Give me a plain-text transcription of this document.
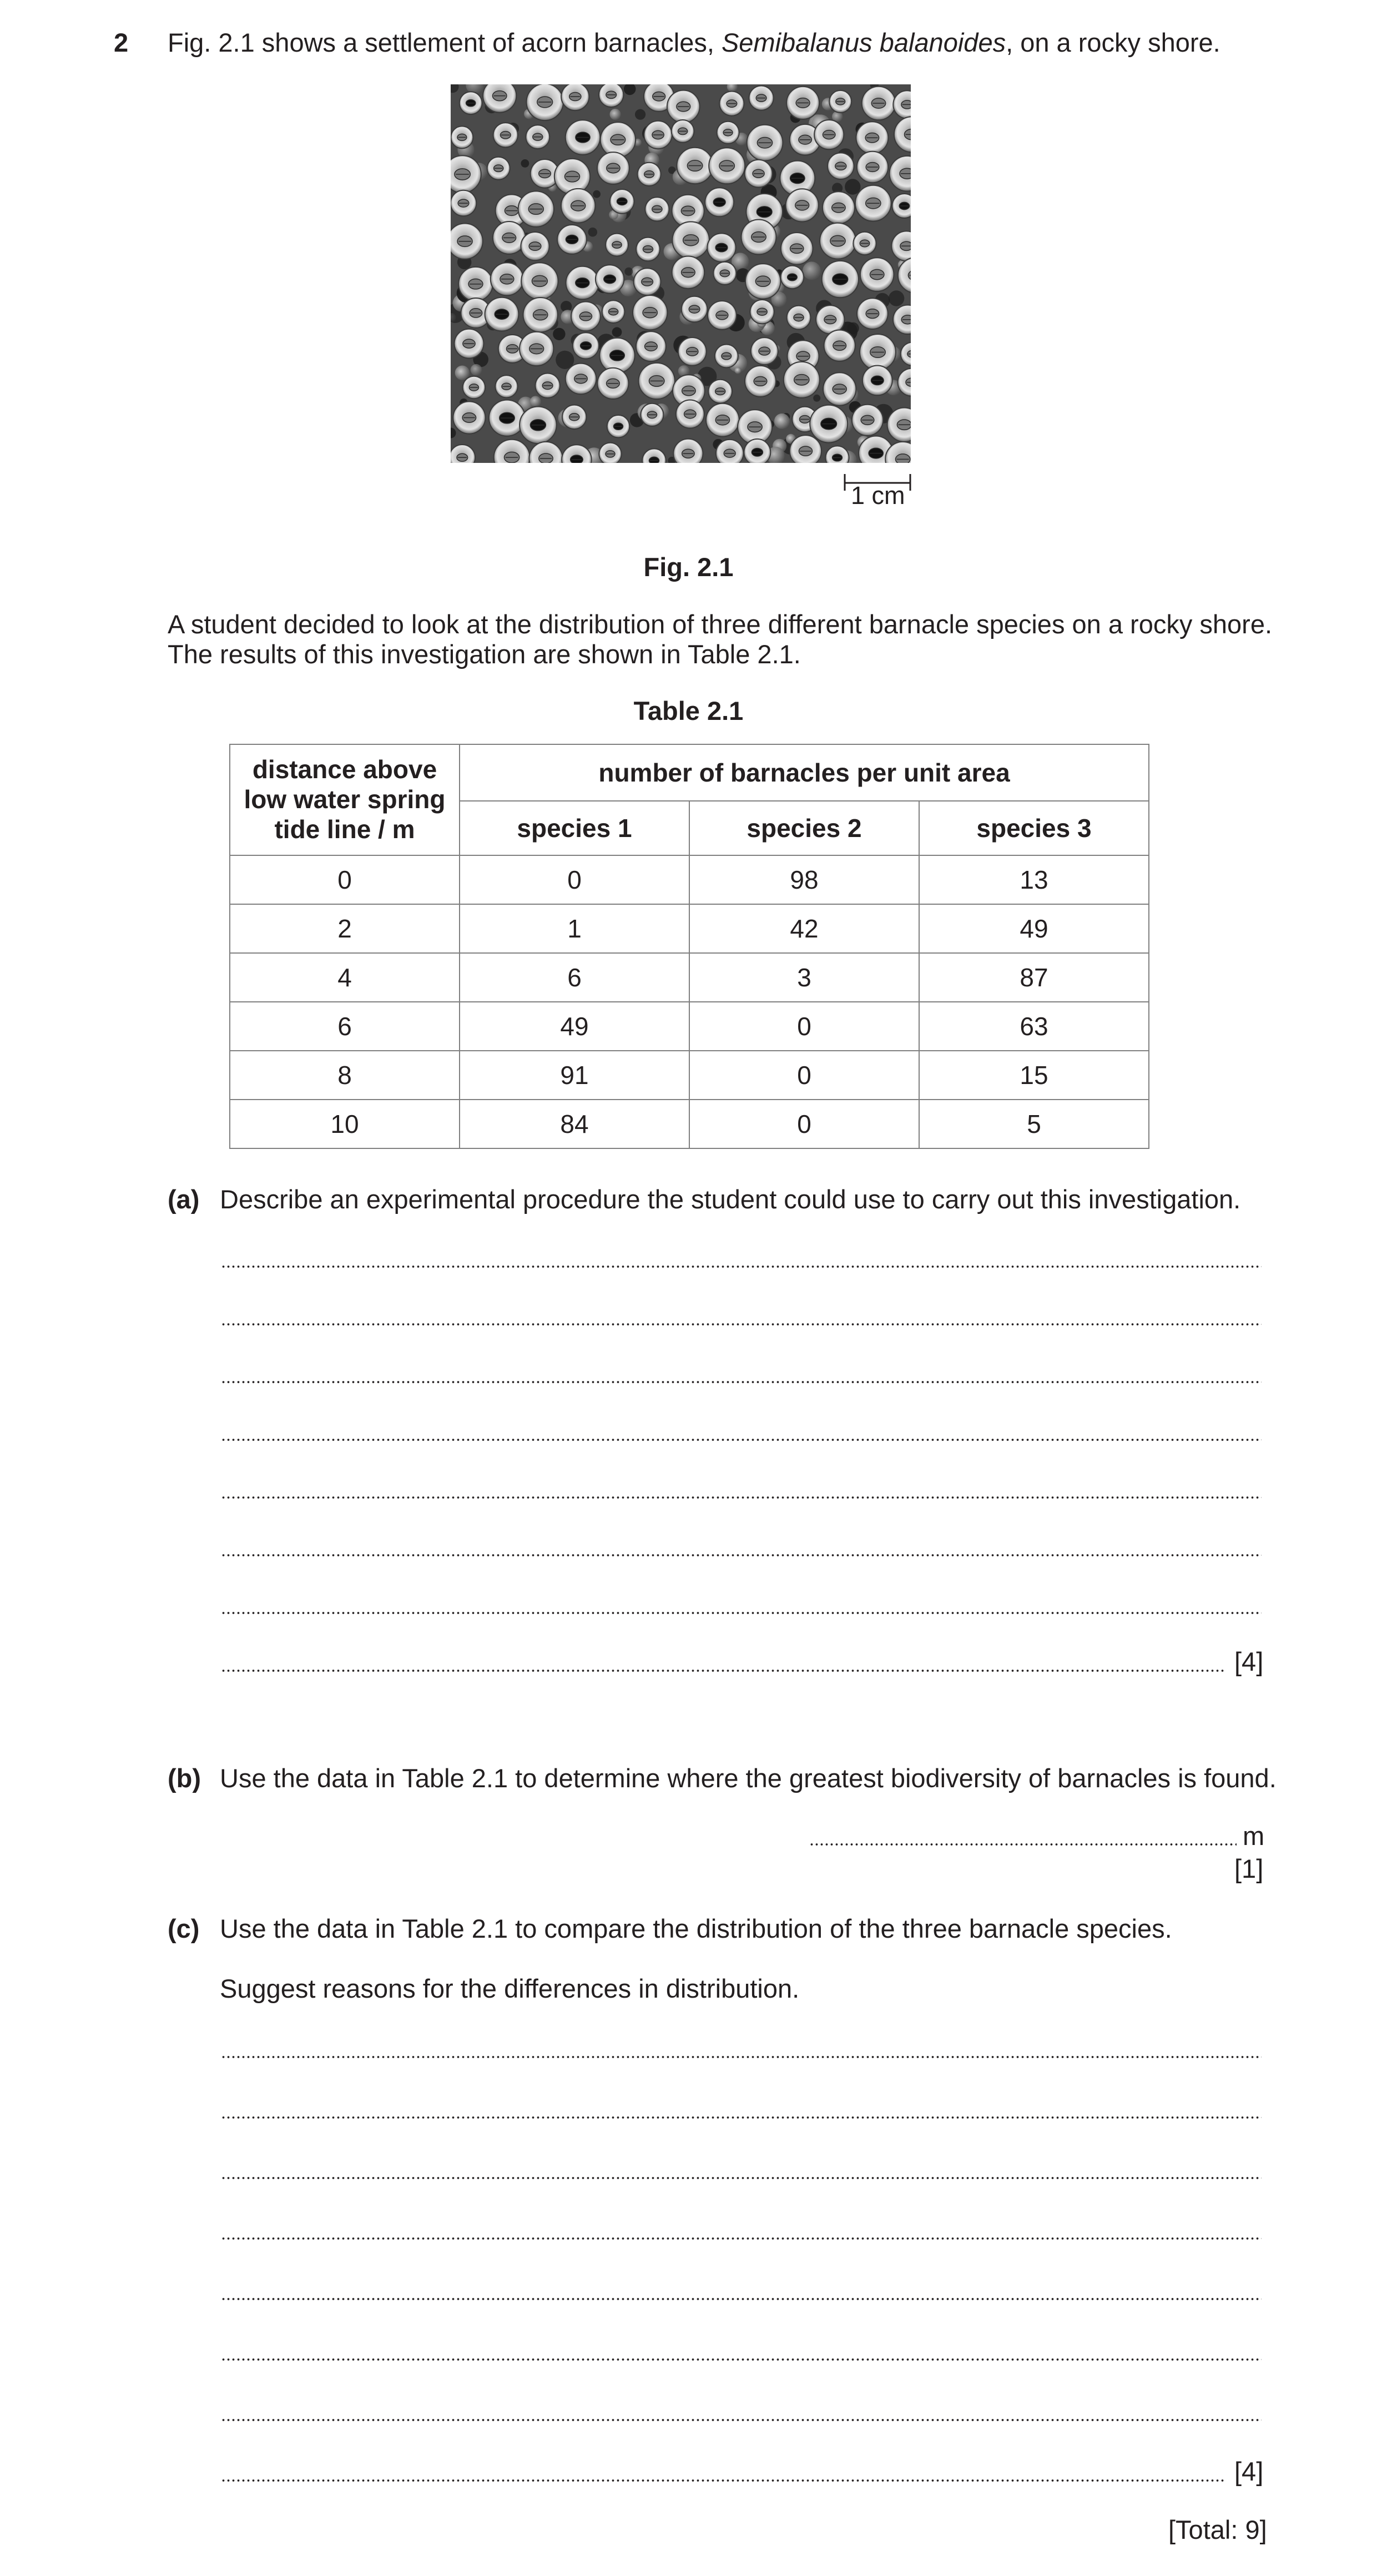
2 Fig. 2.1 shows a settlement of acorn barnacles, Semibalanus balanoides, on a rocky shore.
1 cm
Fig. 2.1

A student decided to look at the distribution of three different barnacle species on a rocky shore.

The results of this investigation are shown in Table 2.1.

Table 2.1
distance above
low water spring
tide line / m	number of barnacles per unit area		
	species 1	species 2	species 3
0	0	98	13
2	1	42	49
4	6	3	87
6	49	0	63
8	91	0	15
10	84	0	5
(a) Describe an experimental procedure the student could use to carry out this investigation.
[4]
(b) Use the data in Table 2.1 to determine where the greatest biodiversity of barnacles is found.
m
[1]
(c) Use the data in Table 2.1 to compare the distribution of the three barnacle species.
Suggest reasons for the differences in distribution.
[4]
[Total: 9]
